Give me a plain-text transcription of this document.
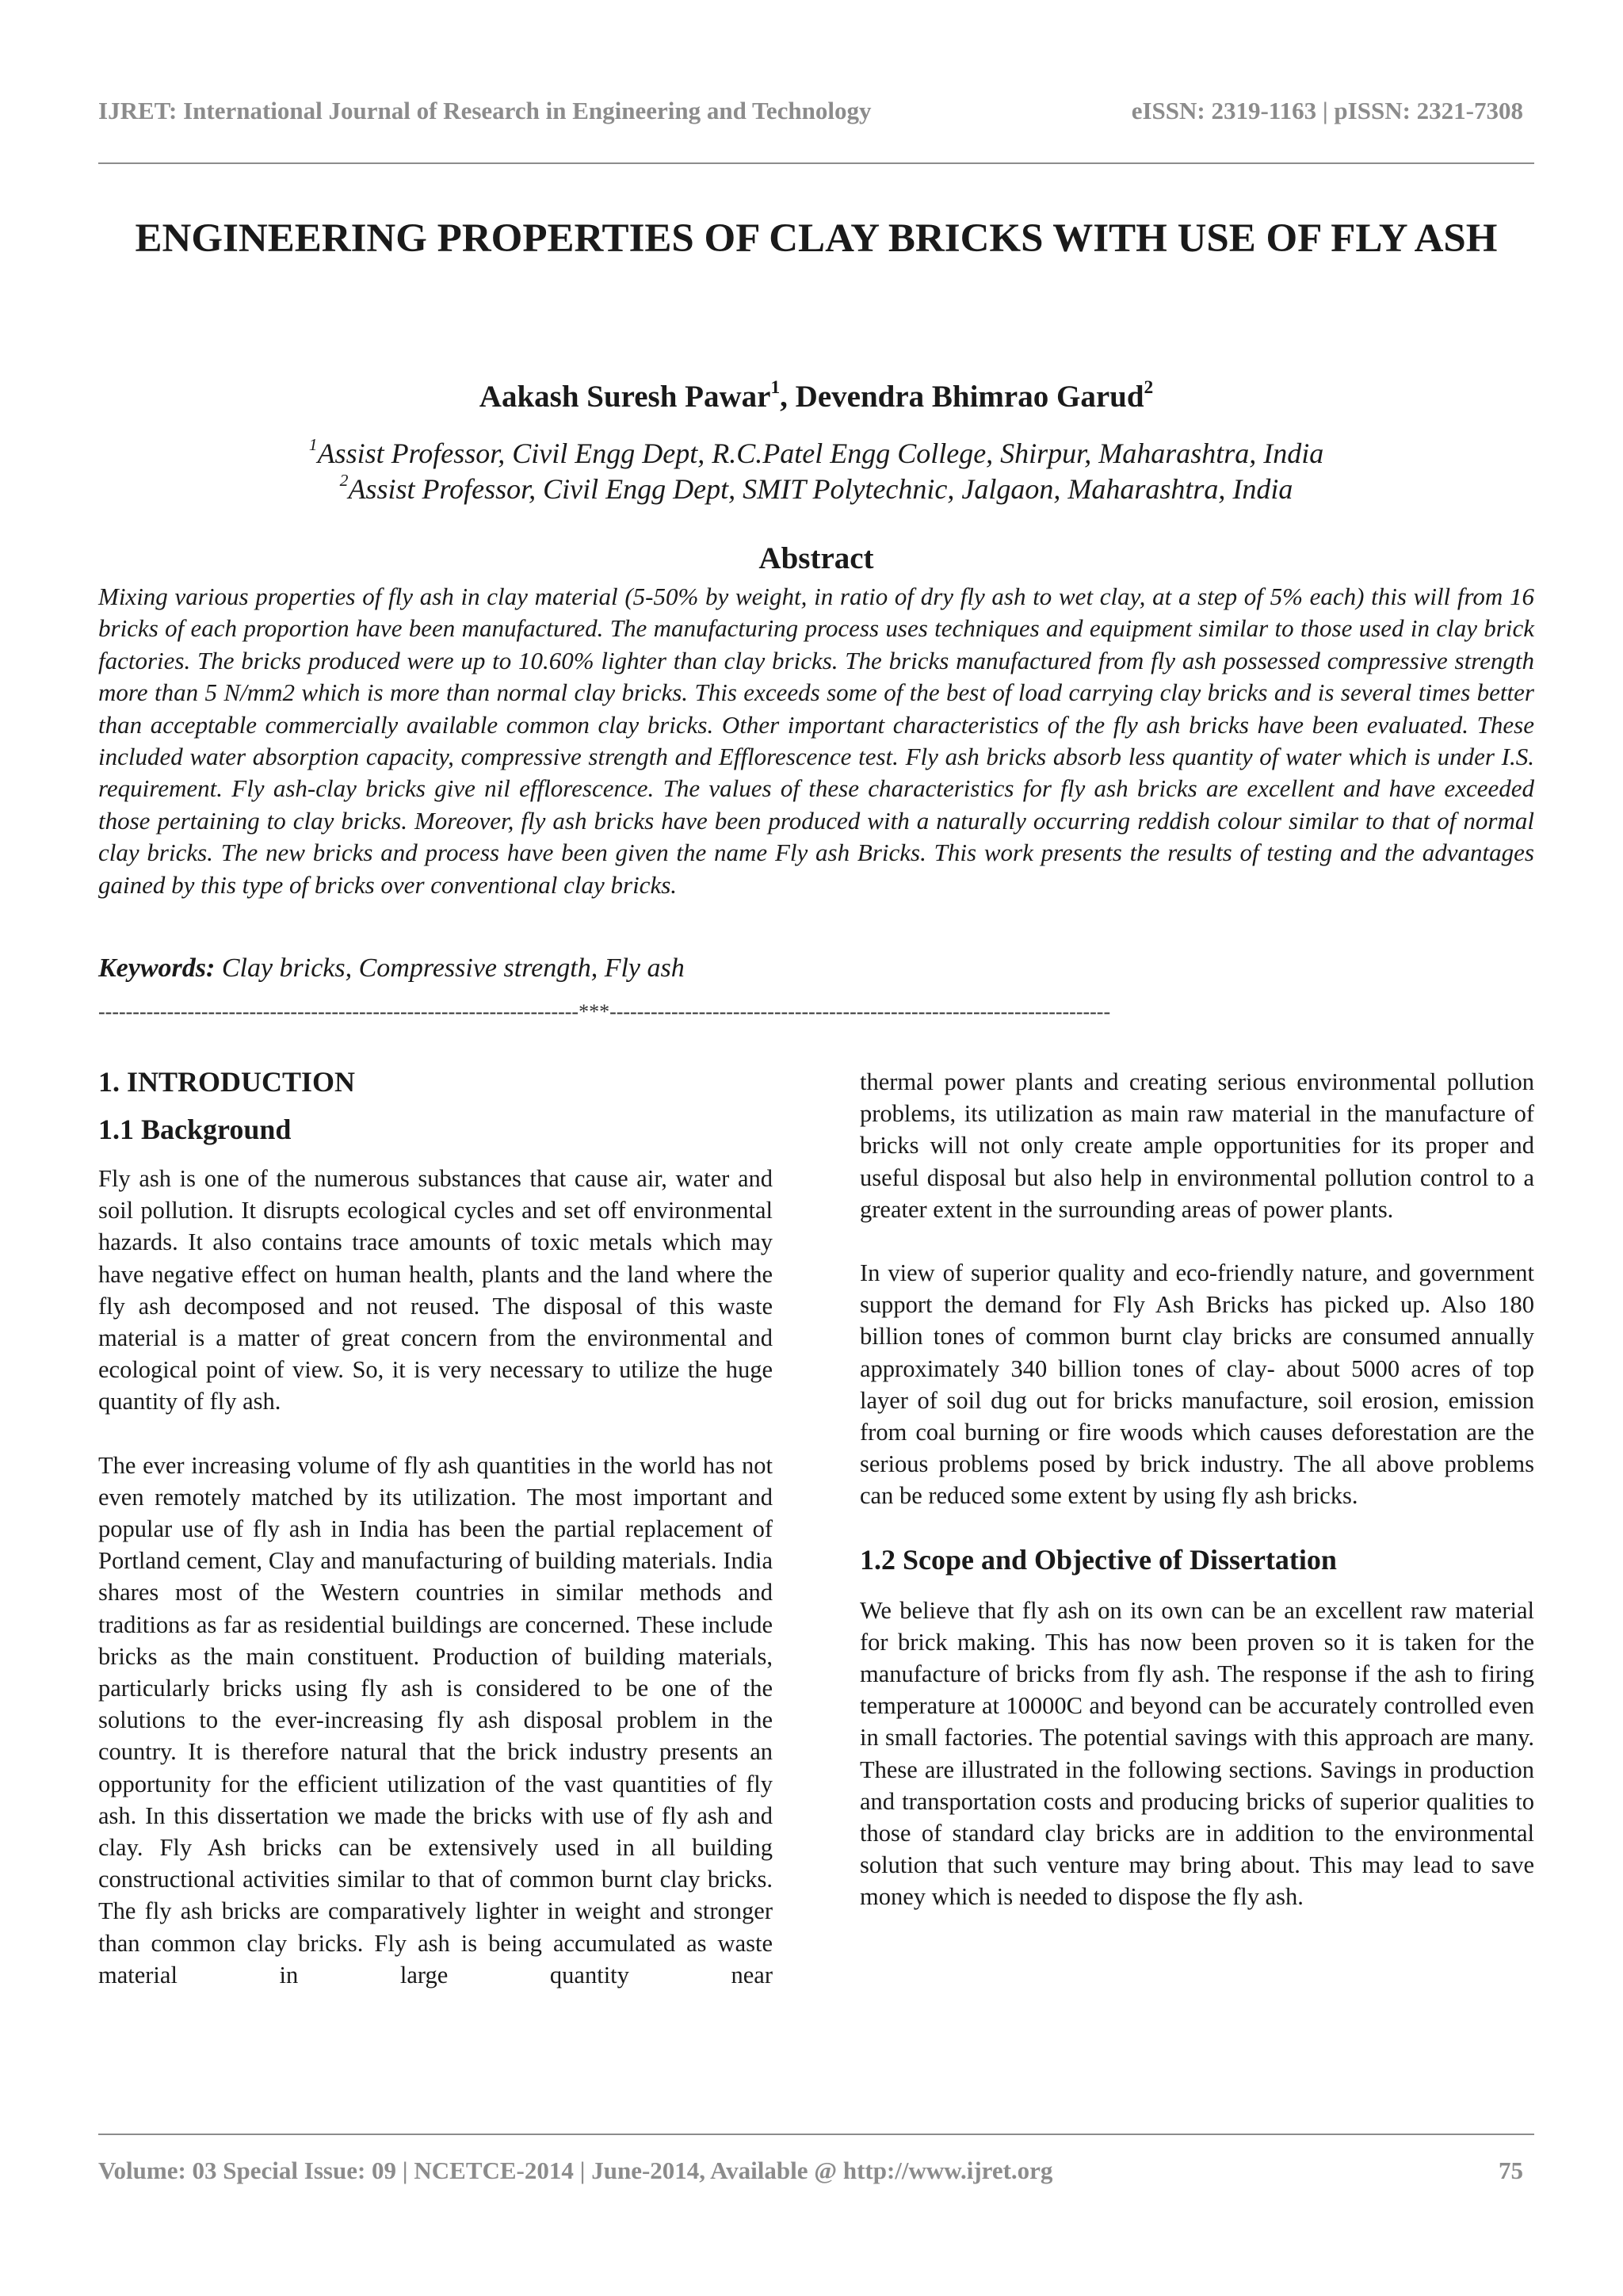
IJRET: International Journal of Research in Engineering and Technology	eISSN: 2319-1163 | pISSN: 2321-7308
ENGINEERING PROPERTIES OF CLAY BRICKS WITH USE OF FLY ASH
Aakash Suresh Pawar$^1$, Devendra Bhimrao Garud$^2$
$^1$Assist Professor, Civil Engg Dept, R.C.Patel Engg College, Shirpur, Maharashtra, India
$^2$Assist Professor, Civil Engg Dept, SMIT Polytechnic, Jalgaon, Maharashtra, India
Abstract

Mixing various properties of fly ash in clay material (5-50% by weight, in ratio of dry fly ash to wet clay, at a step of 5% each) this will from 16 bricks of each proportion have been manufactured. The manufacturing process uses techniques and equipment similar to those used in clay brick factories. The bricks produced were up to 10.60% lighter than clay bricks. The bricks manufactured from fly ash possessed compressive strength more than 5 N/mm2 which is more than normal clay bricks. This exceeds some of the best of load carrying clay bricks and is several times better than acceptable commercially available common clay bricks. Other important characteristics of the fly ash bricks have been evaluated. These included water absorption capacity, compressive strength and Efflorescence test. Fly ash bricks absorb less quantity of water which is under I.S. requirement. Fly ash-clay bricks give nil efflorescence. The values of these characteristics for fly ash bricks are excellent and have exceeded those pertaining to clay bricks. Moreover, fly ash bricks have been produced with a naturally occurring reddish colour similar to that of normal clay bricks. The new bricks and process have been given the name Fly ash Bricks. This work presents the results of testing and the advantages gained by this type of bricks over conventional clay bricks.

Keywords: Clay bricks, Compressive strength, Fly ash
----------------------------------------------------------------------***-------------------------------------------------------------------------
1. INTRODUCTION
1.1 Background

Fly ash is one of the numerous substances that cause air, water and soil pollution. It disrupts ecological cycles and set off environmental hazards. It also contains trace amounts of toxic metals which may have negative effect on human health, plants and the land where the fly ash decomposed and not reused. The disposal of this waste material is a matter of great concern from the environmental and ecological point of view. So, it is very necessary to utilize the huge quantity of fly ash.

The ever increasing volume of fly ash quantities in the world has not even remotely matched by its utilization. The most important and popular use of fly ash in India has been the partial replacement of Portland cement, Clay and manufacturing of building materials. India shares most of the Western countries in similar methods and traditions as far as residential buildings are concerned. These include bricks as the main constituent. Production of building materials, particularly bricks using fly ash is considered to be one of the solutions to the ever-increasing fly ash disposal problem in the country. It is therefore natural that the brick industry presents an opportunity for the efficient utilization of the vast quantities of fly ash. In this dissertation we made the bricks with use of fly ash and clay. Fly Ash bricks can be extensively used in all building constructional activities similar to that of common burnt clay bricks. The fly ash bricks are comparatively lighter in weight and stronger than common clay bricks. Fly ash is being accumulated as waste material in large quantity near

thermal power plants and creating serious environmental pollution problems, its utilization as main raw material in the manufacture of bricks will not only create ample opportunities for its proper and useful disposal but also help in environmental pollution control to a greater extent in the surrounding areas of power plants.

In view of superior quality and eco-friendly nature, and government support the demand for Fly Ash Bricks has picked up. Also 180 billion tones of common burnt clay bricks are consumed annually approximately 340 billion tones of clay- about 5000 acres of top layer of soil dug out for bricks manufacture, soil erosion, emission from coal burning or fire woods which causes deforestation are the serious problems posed by brick industry. The all above problems can be reduced some extent by using fly ash bricks.

1.2 Scope and Objective of Dissertation

We believe that fly ash on its own can be an excellent raw material for brick making. This has now been proven so it is taken for the manufacture of bricks from fly ash. The response if the ash to firing temperature at 10000C and beyond can be accurately controlled even in small factories. The potential savings with this approach are many. These are illustrated in the following sections. Savings in production and transportation costs and producing bricks of superior qualities to those of standard clay bricks are in addition to the environmental solution that such venture may bring about. This may lead to save money which is needed to dispose the fly ash.

Volume: 03 Special Issue: 09 | NCETCE-2014 | June-2014, Available @ http://www.ijret.org	75
